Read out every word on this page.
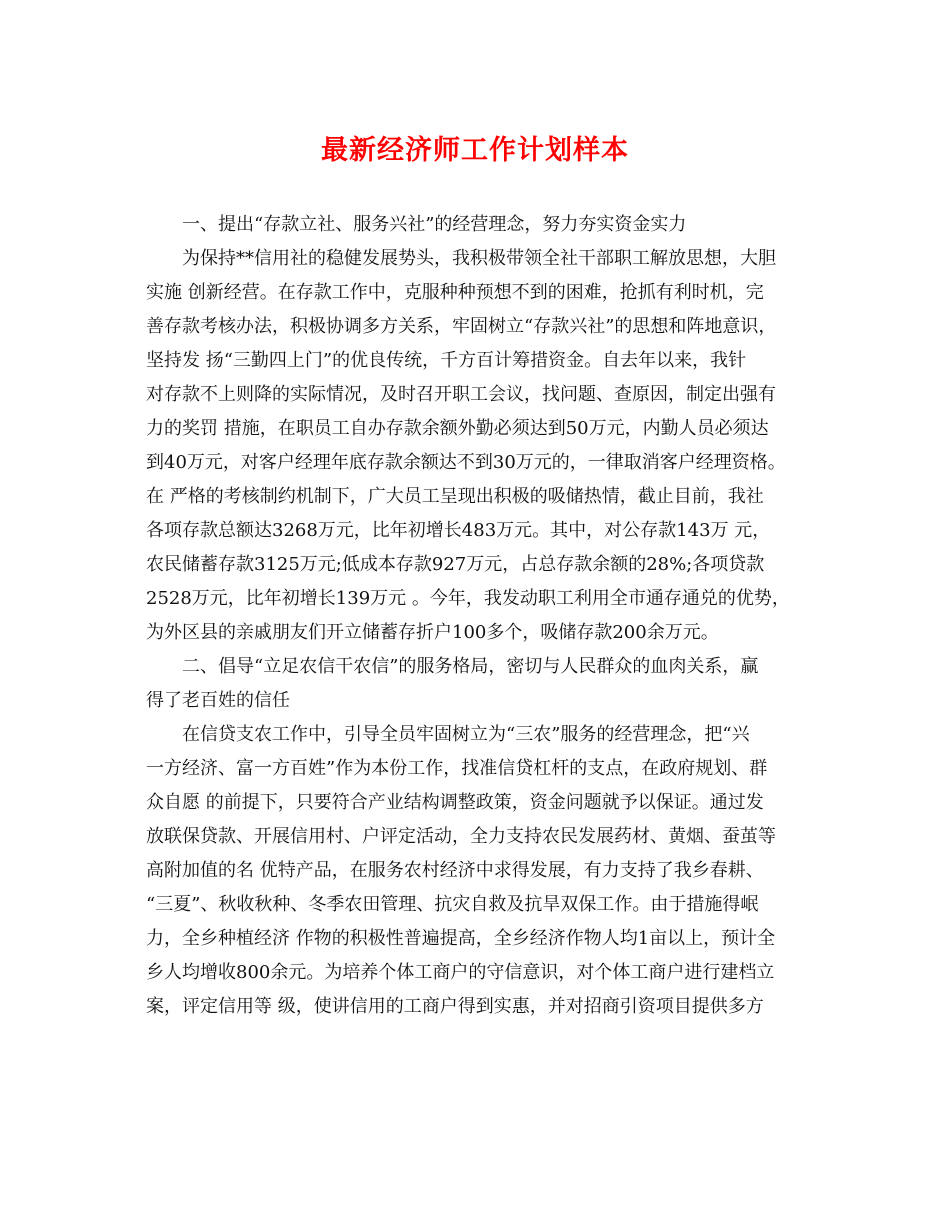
最新经济师工作计划样本
一、提出“存款立社、服务兴社”的经营理念，努力夯实资金实力
为保持**信用社的稳健发展势头，我积极带领全社干部职工解放思想，大胆
实施 创新经营。在存款工作中，克服种种预想不到的困难，抢抓有利时机，完
善存款考核办法，积极协调多方关系，牢固树立“存款兴社”的思想和阵地意识，
坚持发 扬“三勤四上门”的优良传统，千方百计筹措资金。自去年以来，我针
对存款不上则降的实际情况，及时召开职工会议，找问题、查原因，制定出强有
力的奖罚 措施，在职员工自办存款余额外勤必须达到50万元，内勤人员必须达
到40万元，对客户经理年底存款余额达不到30万元的，一律取消客户经理资格。
在 严格的考核制约机制下，广大员工呈现出积极的吸储热情，截止目前，我社
各项存款总额达3268万元，比年初增长483万元。其中，对公存款143万 元，
农民储蓄存款3125万元;低成本存款927万元，占总存款余额的28%;各项贷款
2528万元，比年初增长139万元 。今年，我发动职工利用全市通存通兑的优势，
为外区县的亲戚朋友们开立储蓄存折户100多个，吸储存款200余万元。
二、倡导“立足农信干农信”的服务格局，密切与人民群众的血肉关系，赢
得了老百姓的信任
在信贷支农工作中，引导全员牢固树立为“三农”服务的经营理念，把“兴
一方经济、富一方百姓”作为本份工作，找准信贷杠杆的支点，在政府规划、群
众自愿 的前提下，只要符合产业结构调整政策，资金问题就予以保证。通过发
放联保贷款、开展信用村、户评定活动，全力支持农民发展药材、黄烟、蚕茧等
高附加值的名 优特产品，在服务农村经济中求得发展，有力支持了我乡春耕、
“三夏”、秋收秋种、冬季农田管理、抗灾自救及抗旱双保工作。由于措施得岷
力，全乡种植经济 作物的积极性普遍提高，全乡经济作物人均1亩以上，预计全
乡人均增收800余元。为培养个体工商户的守信意识，对个体工商户进行建档立
案，评定信用等 级，使讲信用的工商户得到实惠，并对招商引资项目提供多方
